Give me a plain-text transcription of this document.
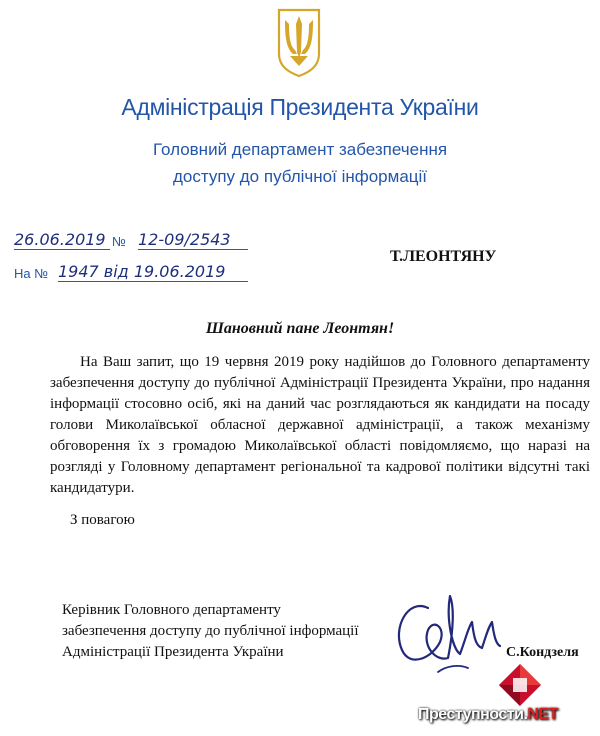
Адміністрація Президента України
Головний департамент забезпечення
доступу до публічної інформації
26.06.2019 № 12-09/2543
На № 1947 від 19.06.2019
Т.ЛЕОНТЯНУ
Шановний пане Леонтян!

На Ваш запит, що 19 червня 2019 року надійшов до Головного департаменту забезпечення доступу до публічної Адміністрації Президента України, про надання інформації стосовно осіб, які на даний час розглядаються як кандидати на посаду голови Миколаївської обласної державної адміністрації, а також механізму обговорення їх з громадою Миколаївської області повідомляємо, що наразі на розгляді у Головному департамент регіональної та кадрової політики відсутні такі кандидатури.

З повагою
Керівник Головного департаменту
забезпечення доступу до публічної інформації
Адміністрації Президента України	С.Кондзеля
Преступности.NET
